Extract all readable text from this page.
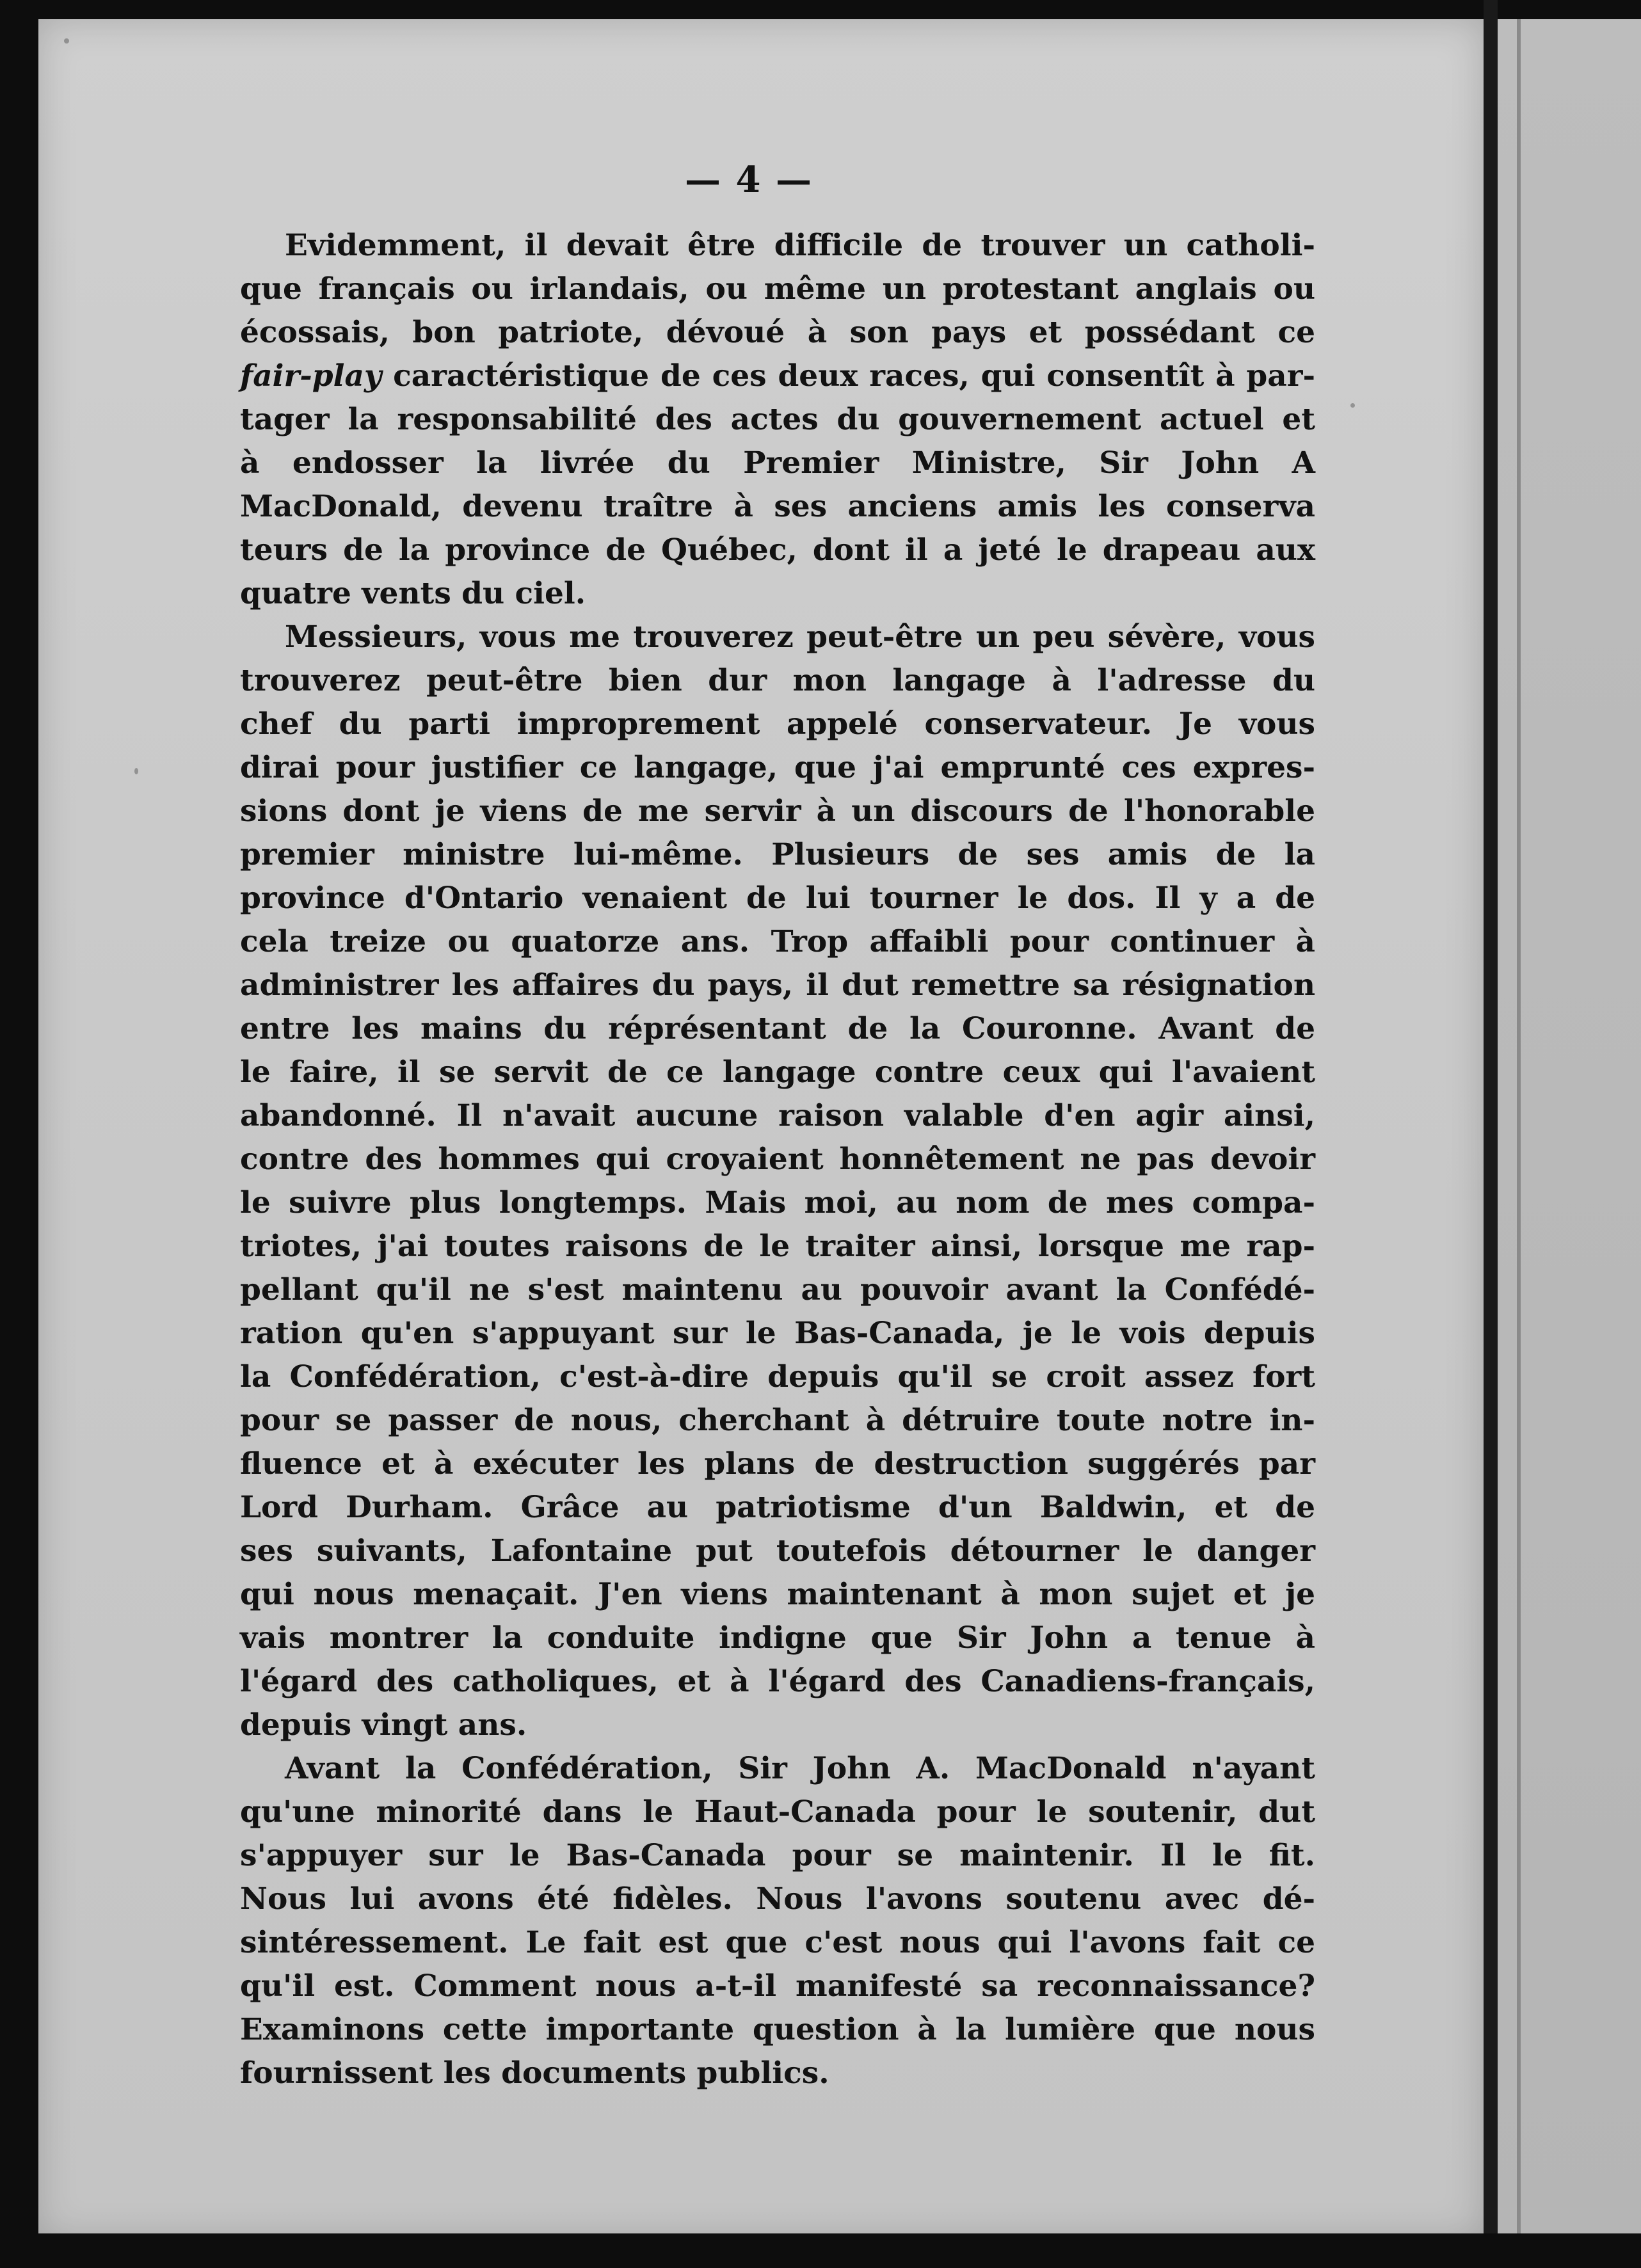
— 4 —
Evidemment, il devait être difficile de trouver un catholi-
que français ou irlandais, ou même un protestant anglais ou
écossais, bon patriote, dévoué à son pays et possédant ce
fair-play caractéristique de ces deux races, qui consentît à par-
tager la responsabilité des actes du gouvernement actuel et
à endosser la livrée du Premier Ministre, Sir John A
MacDonald, devenu traître à ses anciens amis les conserva
teurs de la province de Québec, dont il a jeté le drapeau aux
quatre vents du ciel.
Messieurs, vous me trouverez peut-être un peu sévère, vous
trouverez peut-être bien dur mon langage à l'adresse du
chef du parti improprement appelé conservateur. Je vous
dirai pour justifier ce langage, que j'ai emprunté ces expres-
sions dont je viens de me servir à un discours de l'honorable
premier ministre lui-même. Plusieurs de ses amis de la
province d'Ontario venaient de lui tourner le dos. Il y a de
cela treize ou quatorze ans. Trop affaibli pour continuer à
administrer les affaires du pays, il dut remettre sa résignation
entre les mains du réprésentant de la Couronne. Avant de
le faire, il se servit de ce langage contre ceux qui l'avaient
abandonné. Il n'avait aucune raison valable d'en agir ainsi,
contre des hommes qui croyaient honnêtement ne pas devoir
le suivre plus longtemps. Mais moi, au nom de mes compa-
triotes, j'ai toutes raisons de le traiter ainsi, lorsque me rap-
pellant qu'il ne s'est maintenu au pouvoir avant la Confédé-
ration qu'en s'appuyant sur le Bas-Canada, je le vois depuis
la Confédération, c'est-à-dire depuis qu'il se croit assez fort
pour se passer de nous, cherchant à détruire toute notre in-
fluence et à exécuter les plans de destruction suggérés par
Lord Durham. Grâce au patriotisme d'un Baldwin, et de
ses suivants, Lafontaine put toutefois détourner le danger
qui nous menaçait. J'en viens maintenant à mon sujet et je
vais montrer la conduite indigne que Sir John a tenue à
l'égard des catholiques, et à l'égard des Canadiens-français,
depuis vingt ans.
Avant la Confédération, Sir John A. MacDonald n'ayant
qu'une minorité dans le Haut-Canada pour le soutenir, dut
s'appuyer sur le Bas-Canada pour se maintenir. Il le fit.
Nous lui avons été fidèles. Nous l'avons soutenu avec dé-
sintéressement. Le fait est que c'est nous qui l'avons fait ce
qu'il est. Comment nous a-t-il manifesté sa reconnaissance?
Examinons cette importante question à la lumière que nous
fournissent les documents publics.
